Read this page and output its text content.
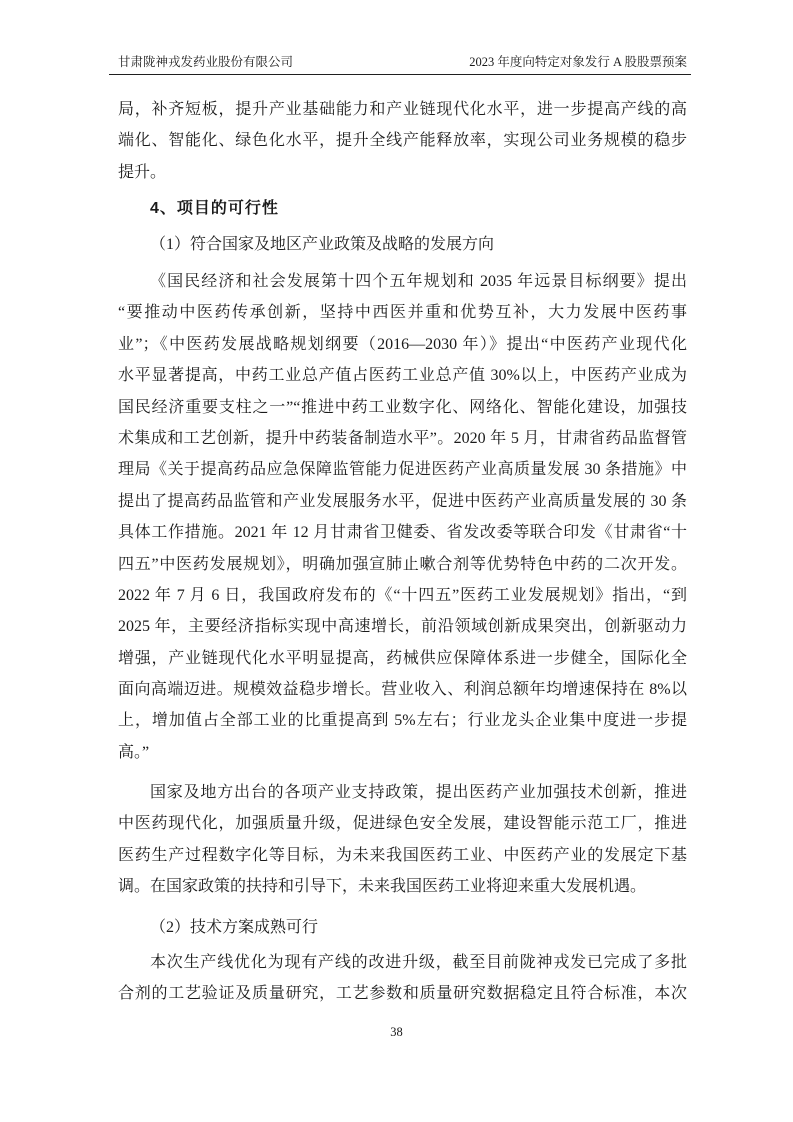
甘肃陇神戎发药业股份有限公司	2023 年度向特定对象发行 A 股股票预案
局，补齐短板，提升产业基础能力和产业链现代化水平，进一步提高产线的高
端化、智能化、绿色化水平，提升全线产能释放率，实现公司业务规模的稳步
提升。
4、项目的可行性
（1）符合国家及地区产业政策及战略的发展方向
《国民经济和社会发展第十四个五年规划和 2035 年远景目标纲要》提出
“要推动中医药传承创新，坚持中西医并重和优势互补，大力发展中医药事
业”；《中医药发展战略规划纲要（2016—2030 年）》提出“中医药产业现代化
水平显著提高，中药工业总产值占医药工业总产值 30%以上，中医药产业成为
国民经济重要支柱之一”“推进中药工业数字化、网络化、智能化建设，加强技
术集成和工艺创新，提升中药装备制造水平”。2020 年 5 月，甘肃省药品监督管
理局《关于提高药品应急保障监管能力促进医药产业高质量发展 30 条措施》中
提出了提高药品监管和产业发展服务水平，促进中医药产业高质量发展的 30 条
具体工作措施。2021 年 12 月甘肃省卫健委、省发改委等联合印发《甘肃省“十
四五”中医药发展规划》，明确加强宣肺止嗽合剂等优势特色中药的二次开发。
2022 年 7 月 6 日，我国政府发布的《“十四五”医药工业发展规划》指出，“到
2025 年，主要经济指标实现中高速增长，前沿领域创新成果突出，创新驱动力
增强，产业链现代化水平明显提高，药械供应保障体系进一步健全，国际化全
面向高端迈进。规模效益稳步增长。营业收入、利润总额年均增速保持在 8%以
上，增加值占全部工业的比重提高到 5%左右；行业龙头企业集中度进一步提
高。”
国家及地方出台的各项产业支持政策，提出医药产业加强技术创新，推进
中医药现代化，加强质量升级，促进绿色安全发展，建设智能示范工厂，推进
医药生产过程数字化等目标，为未来我国医药工业、中医药产业的发展定下基
调。在国家政策的扶持和引导下，未来我国医药工业将迎来重大发展机遇。
（2）技术方案成熟可行
本次生产线优化为现有产线的改进升级，截至目前陇神戎发已完成了多批
合剂的工艺验证及质量研究，工艺参数和质量研究数据稳定且符合标准，本次
38
